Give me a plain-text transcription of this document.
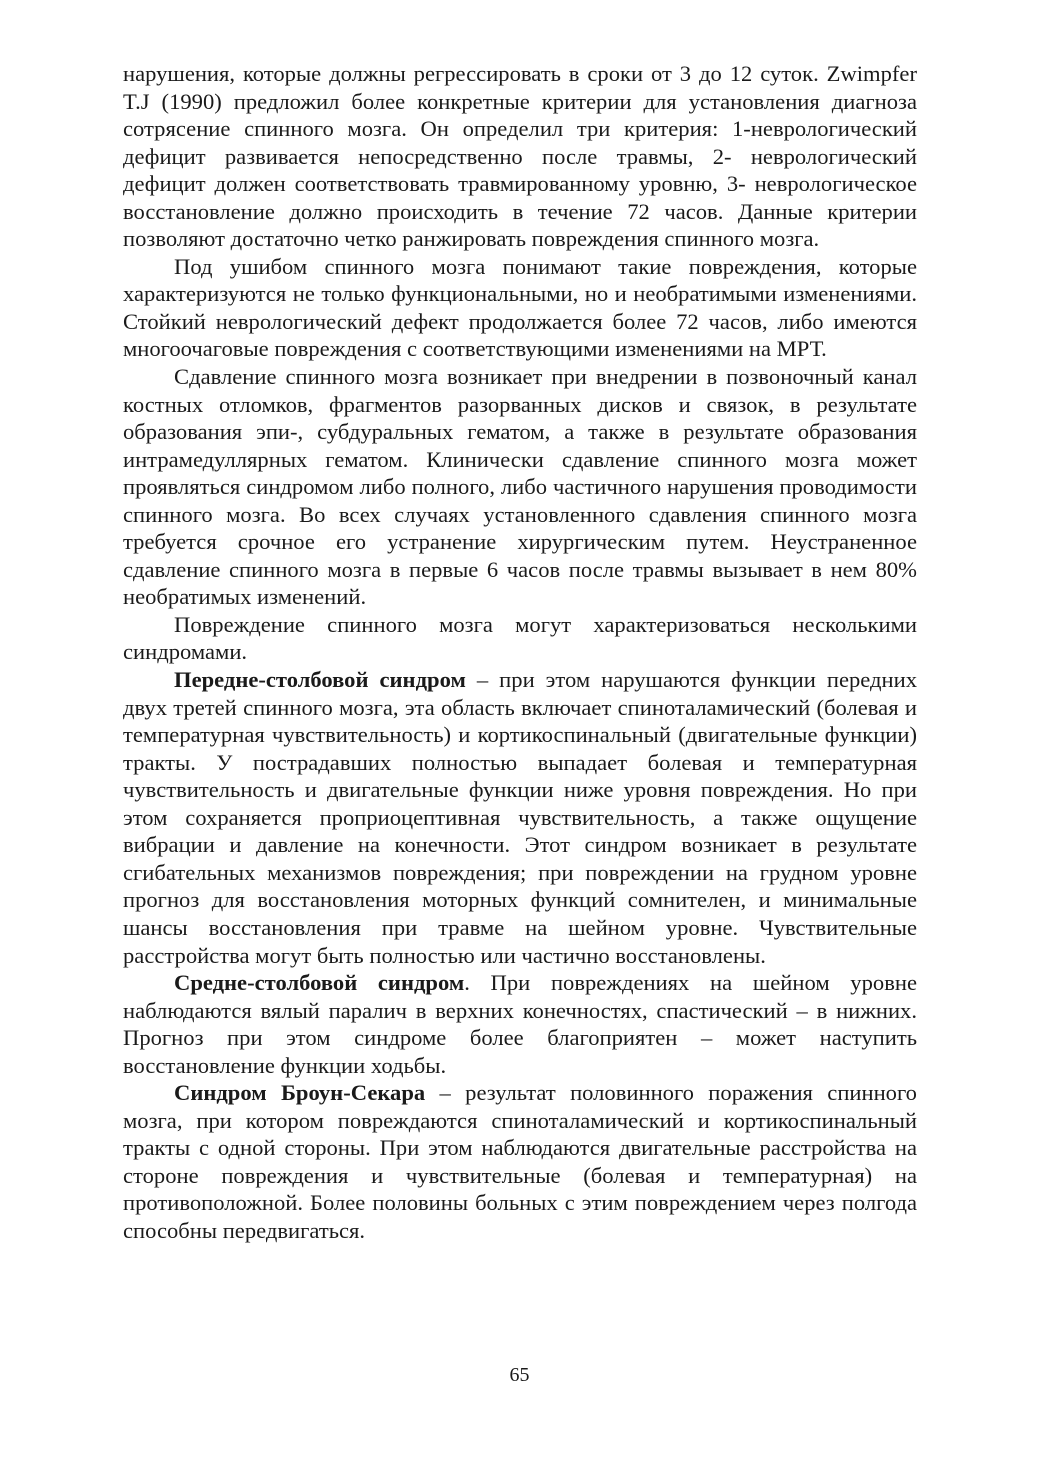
нарушения, которые должны регрессировать в сроки от 3 до 12 суток. Zwimpfer T.J (1990) предложил более конкретные критерии для установления диагноза сотрясение спинного мозга. Он определил три критерия: 1-неврологический дефицит развивается непосредственно после травмы, 2- неврологический дефицит должен соответствовать травмированному уровню, 3- неврологическое восстановление должно происходить в течение 72 часов. Данные критерии позволяют достаточно четко ранжировать повреждения спинного мозга.

Под ушибом спинного мозга понимают такие повреждения, которые характеризуются не только функциональными, но и необратимыми изменениями. Стойкий неврологический дефект продолжается более 72 часов, либо имеются многоочаговые повреждения с соответствующими изменениями на МРТ.

Сдавление спинного мозга возникает при внедрении в позвоночный канал костных отломков, фрагментов разорванных дисков и связок, в результате образования эпи-, субдуральных гематом, а также в результате образования интрамедуллярных гематом. Клинически сдавление спинного мозга может проявляться синдромом либо полного, либо частичного нарушения проводимости спинного мозга. Во всех случаях установленного сдавления спинного мозга требуется срочное его устранение хирургическим путем. Неустраненное сдавление спинного мозга в первые 6 часов после травмы вызывает в нем 80% необратимых изменений.

Повреждение спинного мозга могут характеризоваться несколькими синдромами.

Передне-столбовой синдром – при этом нарушаются функции передних двух третей спинного мозга, эта область включает спиноталамический (болевая и температурная чувствительность) и кортикоспинальный (двигательные функции) тракты. У пострадавших полностью выпадает болевая и температурная чувствительность и двигательные функции ниже уровня повреждения. Но при этом сохраняется проприоцептивная чувствительность, а также ощущение вибрации и давление на конечности. Этот синдром возникает в результате сгибательных механизмов повреждения; при повреждении на грудном уровне прогноз для восстановления моторных функций сомнителен, и минимальные шансы восстановления при травме на шейном уровне. Чувствительные расстройства могут быть полностью или частично восстановлены.

Средне-столбовой синдром. При повреждениях на шейном уровне наблюдаются вялый паралич в верхних конечностях, спастический – в нижних. Прогноз при этом синдроме более благоприятен – может наступить восстановление функции ходьбы.

Синдром Броун-Секара – результат половинного поражения спинного мозга, при котором повреждаются спиноталамический и кортикоспинальный тракты с одной стороны. При этом наблюдаются двигательные расстройства на стороне повреждения и чувствительные (болевая и температурная) на противоположной. Более половины больных с этим повреждением через полгода способны передвигаться.

65
